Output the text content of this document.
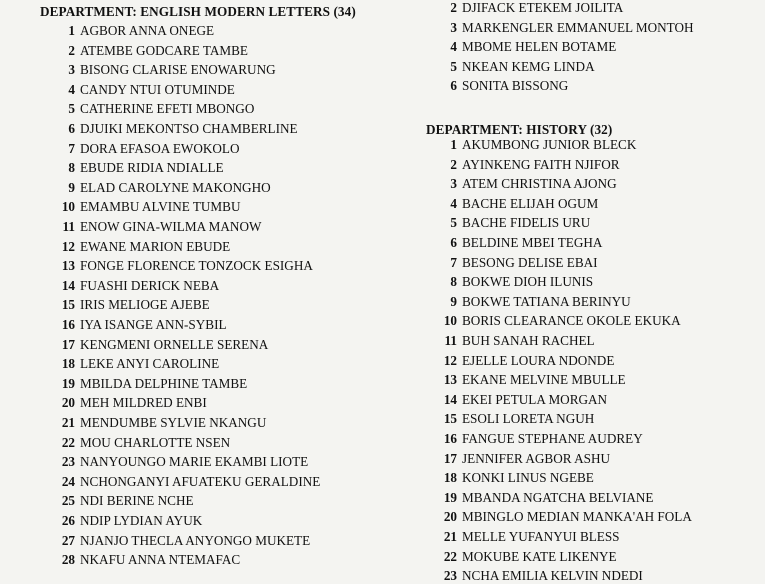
DEPARTMENT: ENGLISH MODERN LETTERS (34)
1 AGBOR ANNA ONEGE
2 ATEMBE GODCARE TAMBE
3 BISONG CLARISE ENOWARUNG
4 CANDY NTUI OTUMINDE
5 CATHERINE EFETI MBONGO
6 DJUIKI MEKONTSO CHAMBERLINE
7 DORA EFASOA EWOKOLO
8 EBUDE RIDIA NDIALLE
9 ELAD CAROLYNE MAKONGHO
10 EMAMBU ALVINE TUMBU
11 ENOW GINA-WILMA MANOW
12 EWANE MARION EBUDE
13 FONGE FLORENCE TONZOCK ESIGHA
14 FUASHI DERICK NEBA
15 IRIS MELIOGE AJEBE
16 IYA ISANGE ANN-SYBIL
17 KENGMENI ORNELLE SERENA
18 LEKE ANYI CAROLINE
19 MBILDA DELPHINE TAMBE
20 MEH MILDRED ENBI
21 MENDUMBE SYLVIE NKANGU
22 MOU CHARLOTTE NSEN
23 NANYOUNGO MARIE EKAMBI LIOTE
24 NCHONGANYI AFUATEKU GERALDINE
25 NDI BERINE NCHE
26 NDIP LYDIAN AYUK
27 NJANJO THECLA ANYONGO MUKETE
28 NKAFU ANNA NTEMAFAC
2 DJIFACK ETEKEM JOILITA
3 MARKENGLER EMMANUEL MONTOH
4 MBOME HELEN BOTAME
5 NKEAN KEMG LINDA
6 SONITA BISSONG
DEPARTMENT: HISTORY (32)
1 AKUMBONG JUNIOR BLECK
2 AYINKENG FAITH NJIFOR
3 ATEM CHRISTINA AJONG
4 BACHE ELIJAH OGUM
5 BACHE FIDELIS URU
6 BELDINE MBEI TEGHA
7 BESONG DELISE EBAI
8 BOKWE DIOH ILUNIS
9 BOKWE TATIANA BERINYU
10 BORIS CLEARANCE OKOLE EKUKA
11 BUH SANAH RACHEL
12 EJELLE LOURA NDONDE
13 EKANE MELVINE MBULLE
14 EKEI PETULA MORGAN
15 ESOLI LORETA NGUH
16 FANGUE STEPHANE AUDREY
17 JENNIFER AGBOR ASHU
18 KONKI LINUS NGEBE
19 MBANDA NGATCHA BELVIANE
20 MBINGLO MEDIAN MANKA'AH FOLA
21 MELLE YUFANYUI BLESS
22 MOKUBE KATE LIKENYE
23 NCHA EMILIA KELVIN NDEDI
